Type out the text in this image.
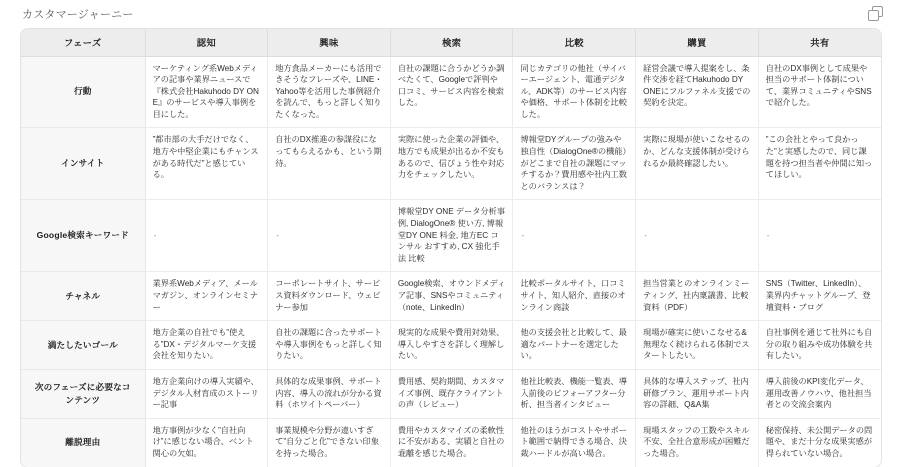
カスタマージャーニー
フェーズ	認知	興味	検索	比較	購買	共有
行動	マーケティング系Webメディアの記事や業界ニュースで『株式会社Hakuhodo DY ONE』のサービスや導入事例を目にした。	地方食品メーカーにも活用できそうなフレーズや、LINE・Yahoo等を活用した事例紹介を読んで、もっと詳しく知りたくなった。	自社の課題に合うかどうか調べたくて、Googleで評判や口コミ、サービス内容を検索した。	同じカテゴリの他社（サイバーエージェント、電通デジタル、ADK等）のサービス内容や価格、サポート体制を比較した。	経営会議で導入提案をし、条件交渉を経てHakuhodo DY ONEにフルファネル支援での契約を決定。	自社のDX事例として成果や担当のサポート体制について、業界コミュニティやSNSで紹介した。
インサイト	”都市部の大手だけでなく、地方や中堅企業にもチャンスがある時代だ”と感じている。	自社のDX推進の参謀役になってもらえるかも、という期待。	実際に使った企業の評価や、地方でも成果が出るか不安もあるので、信ぴょう性や対応力をチェックしたい。	博報堂DYグループの強みや独自性（DialogOne®の機能）がどこまで自社の課題にマッチするか？費用感や社内工数とのバランスは？	実際に現場が使いこなせるのか、どんな支援体制が受けられるか最終確認したい。	”この会社とやって良かった”と実感したので、同じ課題を持つ担当者や仲間に知ってほしい。
Google検索キーワード	-	-	博報堂DY ONE データ分析事例, DialogOne® 使い方, 博報堂DY ONE 料金, 地方EC コンサル おすすめ, CX 強化手法 比較	-	-	-
チャネル	業界系Webメディア、メールマガジン、オンラインセミナー	コーポレートサイト、サービス資料ダウンロード、ウェビナー参加	Google検索、オウンドメディア記事、SNSやコミュニティ（note、LinkedIn）	比較ポータルサイト、口コミサイト、知人紹介、直接のオンライン商談	担当営業とのオンラインミーティング、社内稟議書、比較資料（PDF）	SNS（Twitter、LinkedIn）、業界内チャットグループ、登壇資料・ブログ
満たしたいゴール	地方企業の自社でも”使える”DX・デジタルマーケ支援会社を知りたい。	自社の課題に合ったサポートや導入事例をもっと詳しく知りたい。	現実的な成果や費用対効果、導入しやすさを詳しく理解したい。	他の支援会社と比較して、最適なパートナーを選定したい。	現場が確実に使いこなせる&無理なく続けられる体制でスタートしたい。	自社事例を通じて社外にも自分の取り組みや成功体験を共有したい。
次のフェーズに必要なコンテンツ	地方企業向けの導入実績や、デジタル人材育成のストーリー記事	具体的な成果事例、サポート内容、導入の流れが分かる資料（ホワイトペーパー）	費用感、契約期間、カスタマイズ事例、既存クライアントの声（レビュー）	他社比較表、機能一覧表、導入前後のビフォーアフター分析、担当者インタビュー	具体的な導入ステップ、社内研修プラン、運用サポート内容の詳細、Q&A集	導入前後のKPI変化データ、運用改善ノウハウ、他社担当者との交流会案内
離脱理由	地方事例が少なく”自社向け”に感じない場合、ベント関心の欠如。	事業規模や分野が違いすぎて”自分ごと化”できない印象を持った場合。	費用やカスタマイズの柔軟性に不安がある、実績と自社の乖離を感じた場合。	他社のほうがコストやサポート範囲で納得できる場合、決裁ハードルが高い場合。	現場スタッフの工数やスキル不安、全社合意形成が困難だった場合。	秘密保持、未公開データの問題や、まだ十分な成果実感が得られていない場合。
